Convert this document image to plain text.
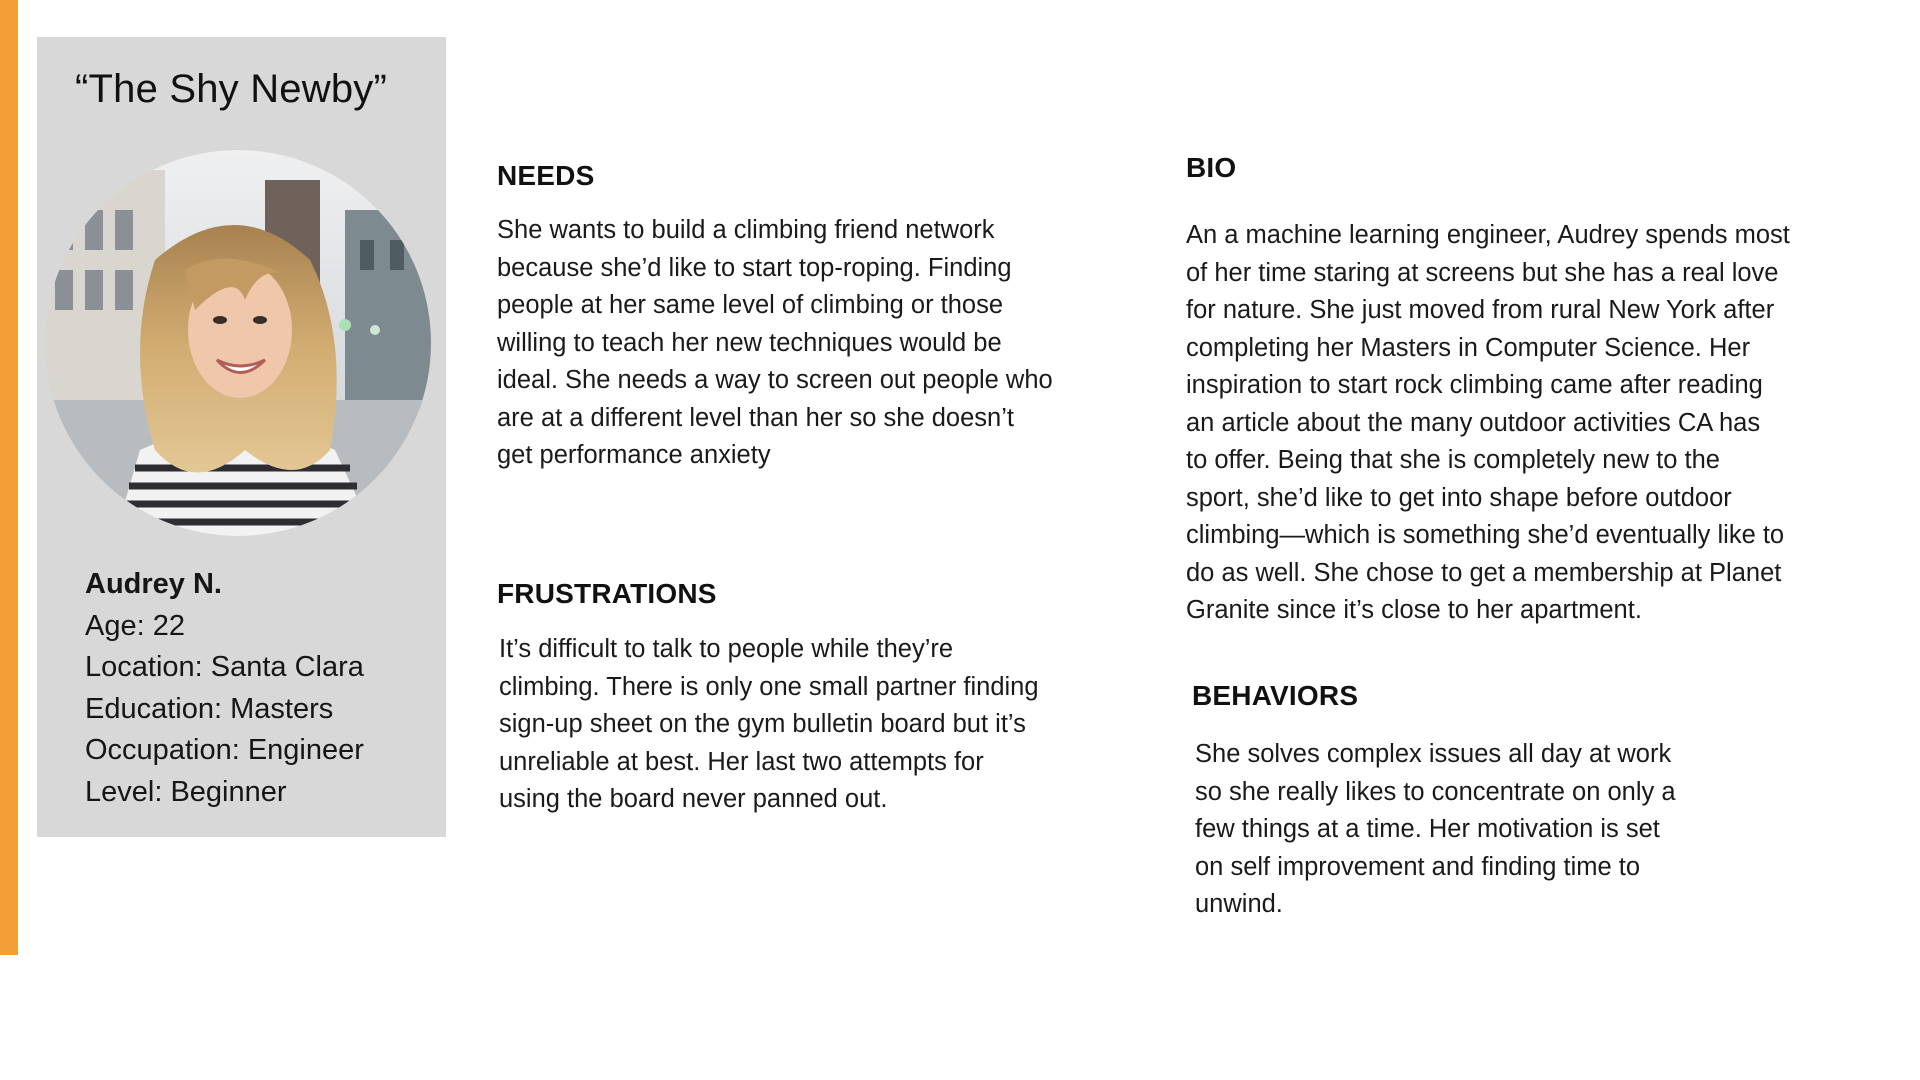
“The Shy Newby”
Audrey N.
Age: 22
Location: Santa Clara
Education: Masters
Occupation: Engineer
Level: Beginner
NEEDS

She wants to build a climbing friend network
because she’d like to start top-roping. Finding
people at her same level of climbing or those
willing to teach her new techniques would be
ideal. She needs a way to screen out people who
are at a different level than her so she doesn’t
get performance anxiety

FRUSTRATIONS

It’s difficult to talk to people while they’re
climbing. There is only one small partner finding
sign-up sheet on the gym bulletin board but it’s
unreliable at best. Her last two attempts for
using the board never panned out.

BIO

An a machine learning engineer, Audrey spends most
of her time staring at screens but she has a real love
for nature. She just moved from rural New York after
completing her Masters in Computer Science. Her
inspiration to start rock climbing came after reading
an article about the many outdoor activities CA has
to offer. Being that she is completely new to the
sport, she’d like to get into shape before outdoor
climbing—which is something she’d eventually like to
do as well. She chose to get a membership at Planet
Granite since it’s close to her apartment.

BEHAVIORS

She solves complex issues all day at work
so she really likes to concentrate on only a
few things at a time. Her motivation is set
on self improvement and finding time to
unwind.
